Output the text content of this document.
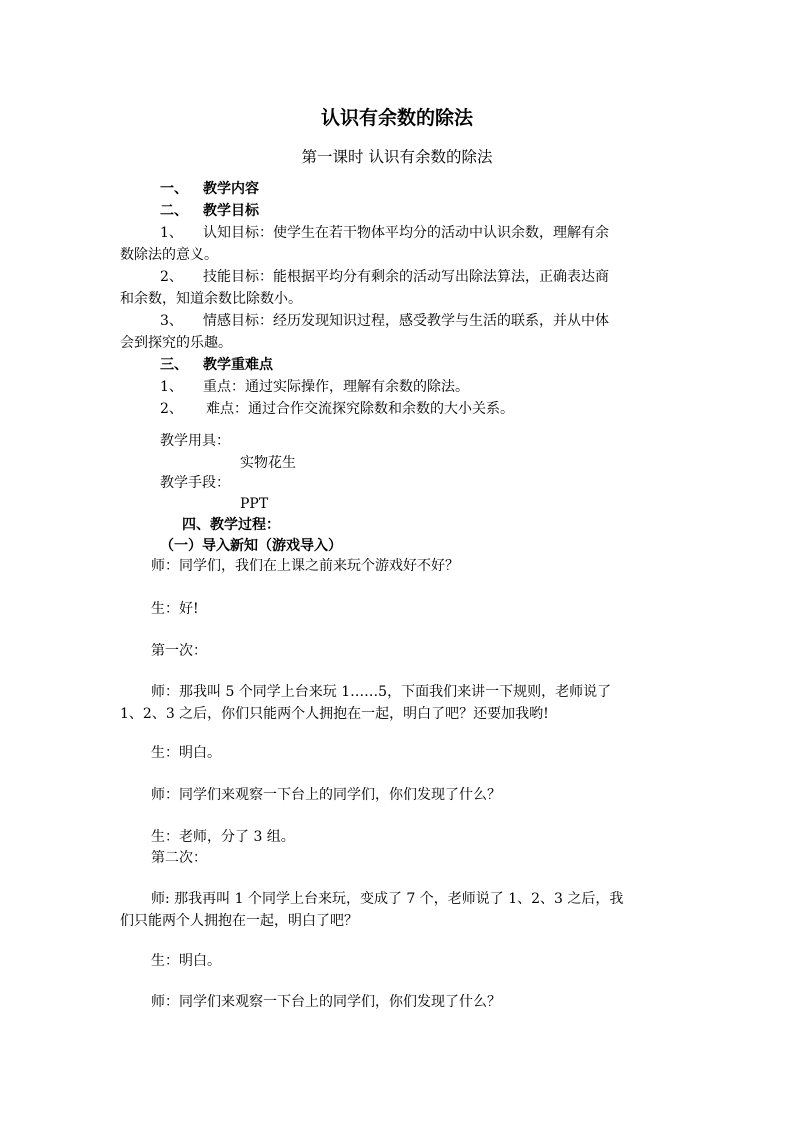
认识有余数的除法
第一课时 认识有余数的除法
一、 教学内容
二、 教学目标
1、 认知目标：使学生在若干物体平均分的活动中认识余数，理解有余
数除法的意义。
2、 技能目标：能根据平均分有剩余的活动写出除法算法，正确表达商
和余数，知道余数比除数小。
3、 情感目标：经历发现知识过程，感受教学与生活的联系，并从中体
会到探究的乐趣。
三、 教学重难点
1、 重点：通过实际操作，理解有余数的除法。
2、 难点：通过合作交流探究除数和余数的大小关系。
教学用具：
实物花生
教学手段：
PPT
四、教学过程：
（一）导入新知（游戏导入）
师：同学们，我们在上课之前来玩个游戏好不好？
生：好!
第一次：
师：那我叫 5 个同学上台来玩 1……5，下面我们来讲一下规则，老师说了
1、2、3 之后，你们只能两个人拥抱在一起，明白了吧？还要加我哟!
生：明白。
师：同学们来观察一下台上的同学们，你们发现了什么？
生：老师，分了 3 组。
第二次：
师: 那我再叫 1 个同学上台来玩，变成了 7 个，老师说了 1、2、3 之后，我
们只能两个人拥抱在一起，明白了吧？
生：明白。
师：同学们来观察一下台上的同学们，你们发现了什么？
